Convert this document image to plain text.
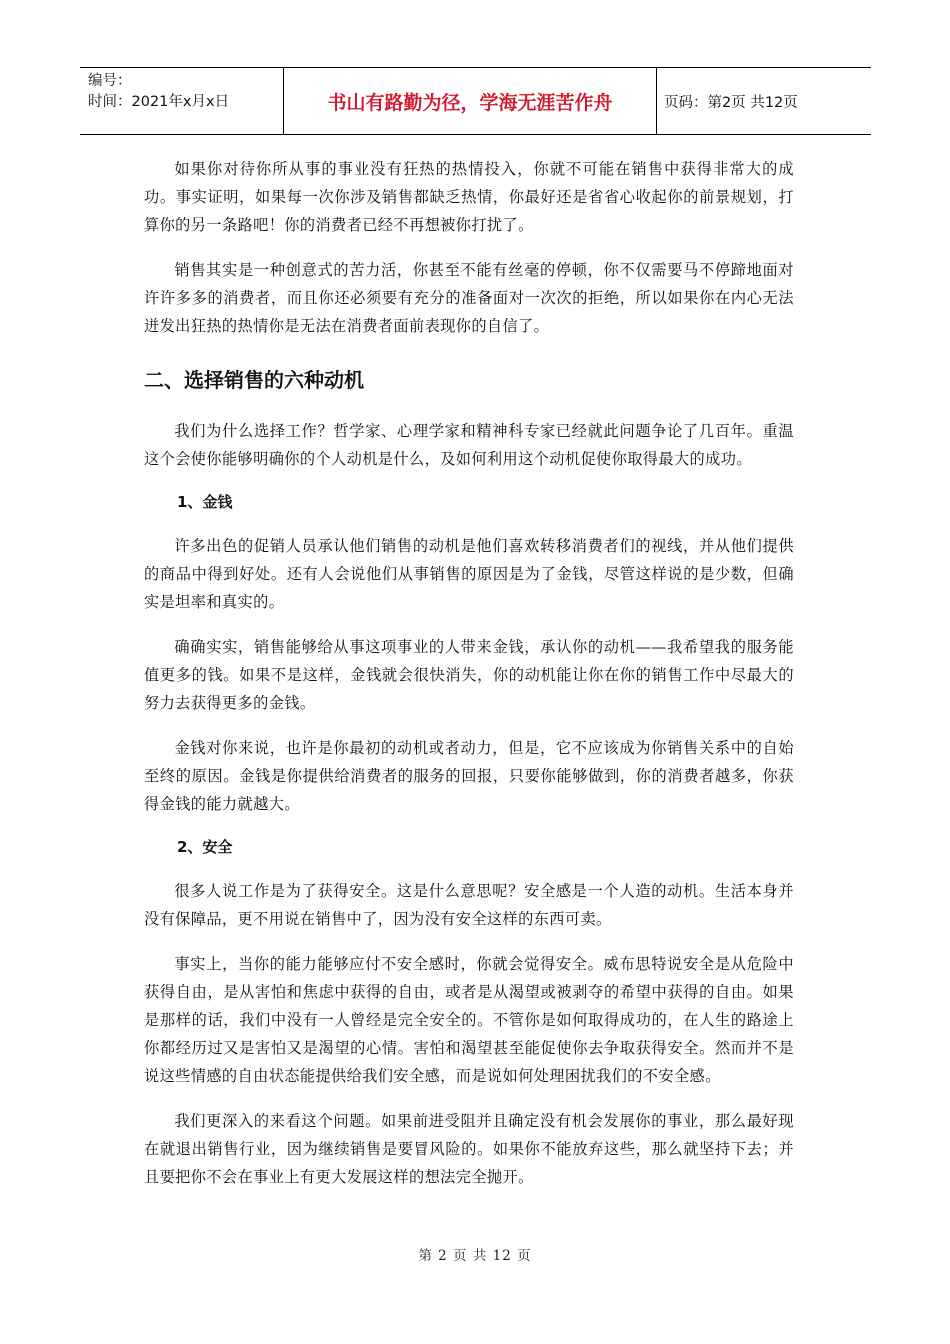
编号：
时间：2021年x月x日	书山有路勤为径，学海无涯苦作舟	页码：第2页 共12页

如果你对待你所从事的事业没有狂热的热情投入，你就不可能在销售中获得非常大的成功。事实证明，如果每一次你涉及销售都缺乏热情，你最好还是省省心收起你的前景规划，打算你的另一条路吧！你的消费者已经不再想被你打扰了。

销售其实是一种创意式的苦力活，你甚至不能有丝毫的停顿，你不仅需要马不停蹄地面对许许多多的消费者，而且你还必须要有充分的准备面对一次次的拒绝，所以如果你在内心无法迸发出狂热的热情你是无法在消费者面前表现你的自信了。

二、选择销售的六种动机

我们为什么选择工作？哲学家、心理学家和精神科专家已经就此问题争论了几百年。重温这个会使你能够明确你的个人动机是什么，及如何利用这个动机促使你取得最大的成功。

1、金钱

许多出色的促销人员承认他们销售的动机是他们喜欢转移消费者们的视线，并从他们提供的商品中得到好处。还有人会说他们从事销售的原因是为了金钱，尽管这样说的是少数，但确实是坦率和真实的。

确确实实，销售能够给从事这项事业的人带来金钱，承认你的动机——我希望我的服务能值更多的钱。如果不是这样，金钱就会很快消失，你的动机能让你在你的销售工作中尽最大的努力去获得更多的金钱。

金钱对你来说，也许是你最初的动机或者动力，但是，它不应该成为你销售关系中的自始至终的原因。金钱是你提供给消费者的服务的回报，只要你能够做到，你的消费者越多，你获得金钱的能力就越大。

2、安全

很多人说工作是为了获得安全。这是什么意思呢？安全感是一个人造的动机。生活本身并没有保障品，更不用说在销售中了，因为没有安全这样的东西可卖。

事实上，当你的能力能够应付不安全感时，你就会觉得安全。威布思特说安全是从危险中获得自由，是从害怕和焦虑中获得的自由，或者是从渴望或被剥夺的希望中获得的自由。如果是那样的话，我们中没有一人曾经是完全安全的。不管你是如何取得成功的，在人生的路途上你都经历过又是害怕又是渴望的心情。害怕和渴望甚至能促使你去争取获得安全。然而并不是说这些情感的自由状态能提供给我们安全感，而是说如何处理困扰我们的不安全感。

我们更深入的来看这个问题。如果前进受阻并且确定没有机会发展你的事业，那么最好现在就退出销售行业，因为继续销售是要冒风险的。如果你不能放弃这些，那么就坚持下去；并且要把你不会在事业上有更大发展这样的想法完全抛开。

第 2 页 共 12 页
